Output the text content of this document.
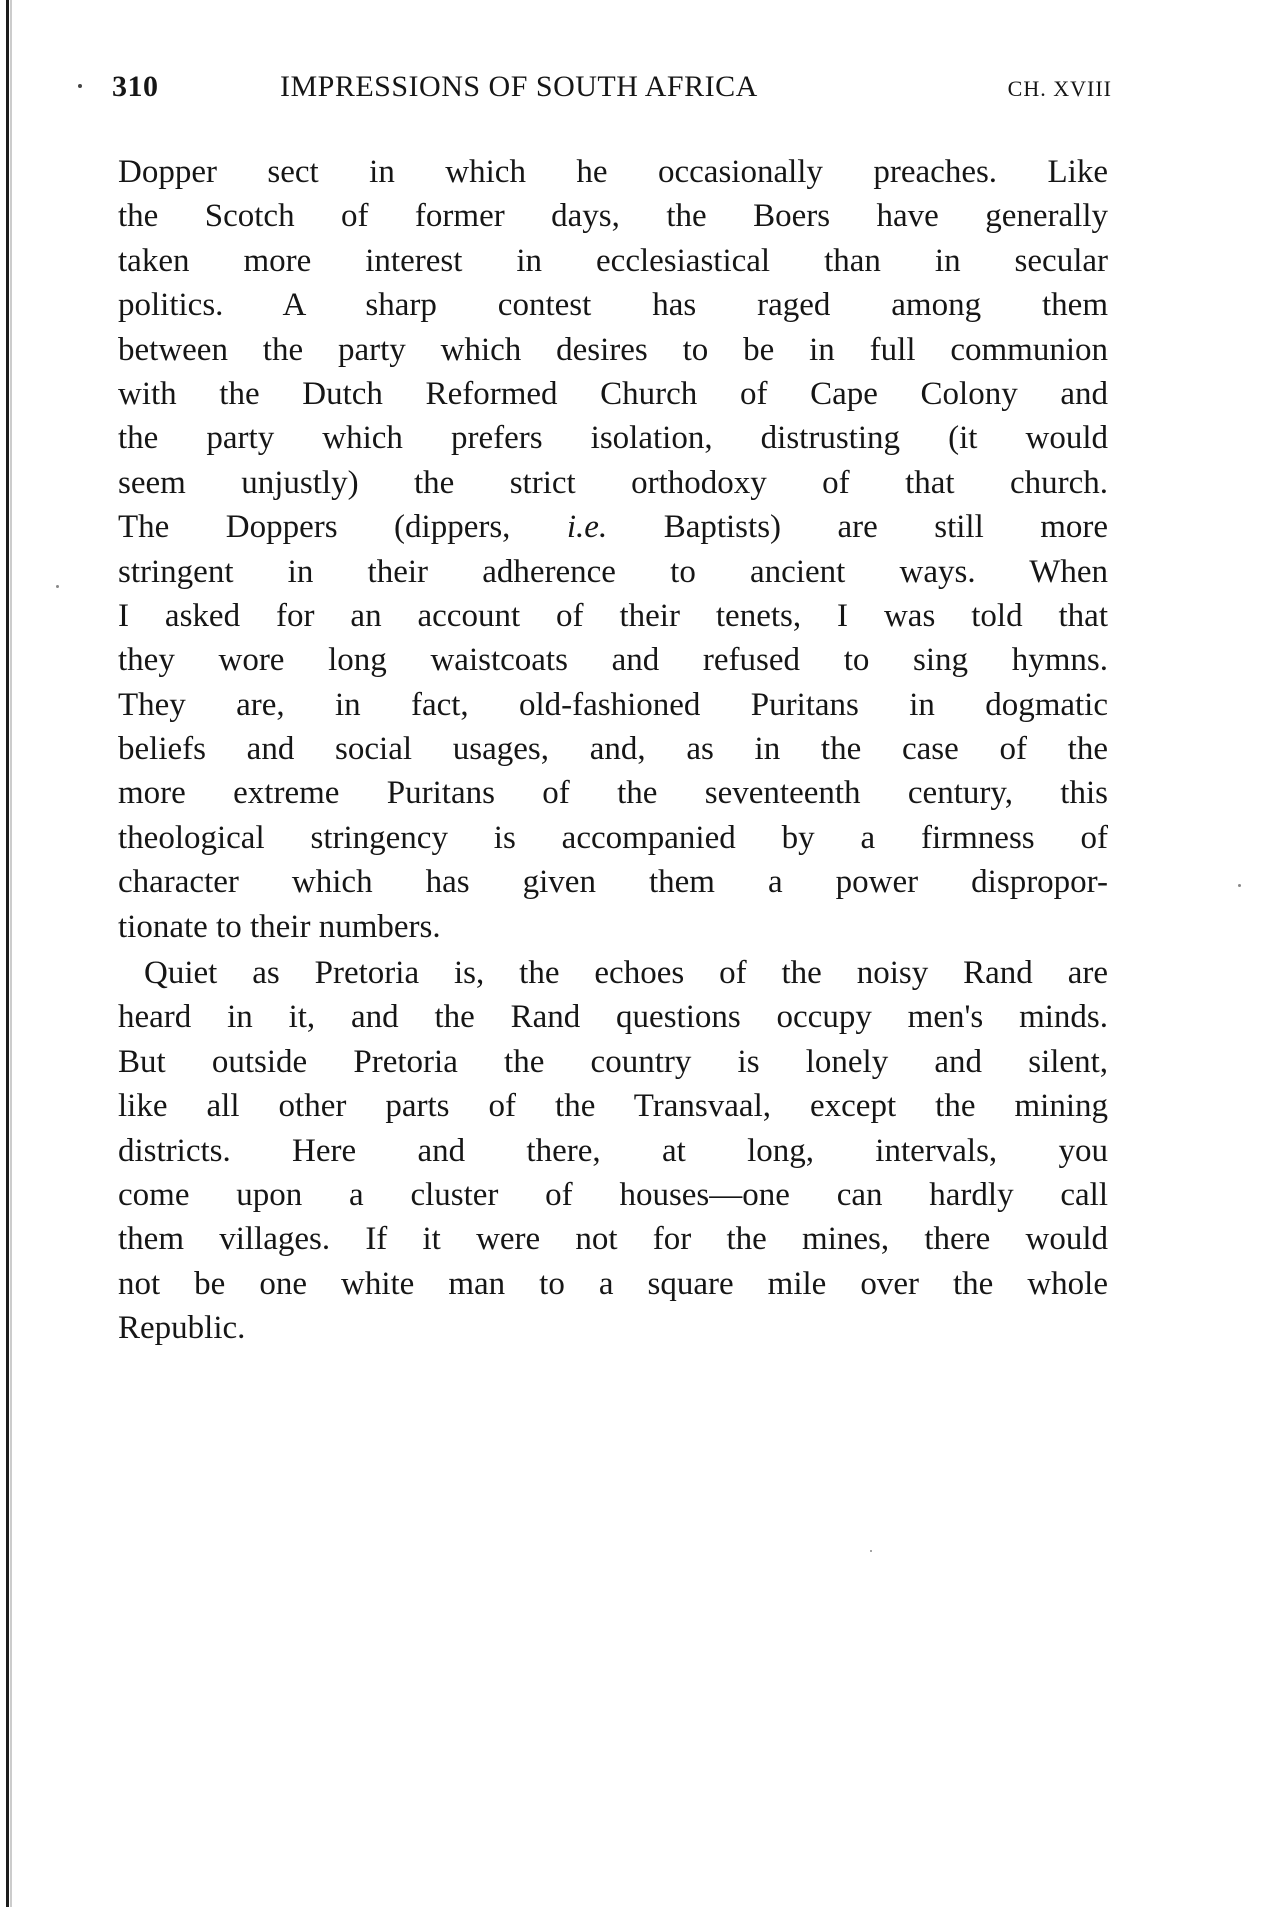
310	IMPRESSIONS OF SOUTH AFRICA	CH. XVIII

Dopper sect in which he occasionally preaches. Like
the Scotch of former days, the Boers have generally
taken more interest in ecclesiastical than in secular
politics. A sharp contest has raged among them
between the party which desires to be in full communion
with the Dutch Reformed Church of Cape Colony and
the party which prefers isolation, distrusting (it would
seem unjustly) the strict orthodoxy of that church.
The Doppers (dippers, i.e. Baptists) are still more
stringent in their adherence to ancient ways. When
I asked for an account of their tenets, I was told that
they wore long waistcoats and refused to sing hymns.
They are, in fact, old-fashioned Puritans in dogmatic
beliefs and social usages, and, as in the case of the
more extreme Puritans of the seventeenth century, this
theological stringency is accompanied by a firmness of
character which has given them a power dispropor-
tionate to their numbers.

Quiet as Pretoria is, the echoes of the noisy Rand are
heard in it, and the Rand questions occupy men's minds.
But outside Pretoria the country is lonely and silent,
like all other parts of the Transvaal, except the mining
districts. Here and there, at long, intervals, you
come upon a cluster of houses—one can hardly call
them villages. If it were not for the mines, there would
not be one white man to a square mile over the whole
Republic.
